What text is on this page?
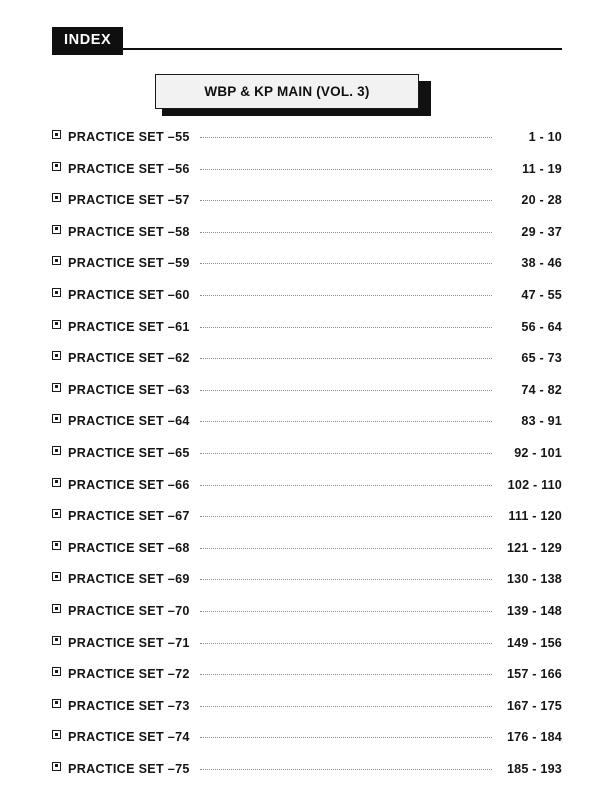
INDEX
WBP & KP MAIN (VOL. 3)
PRACTICE SET –55	1 - 10
PRACTICE SET –56	11 - 19
PRACTICE SET –57	20 - 28
PRACTICE SET –58	29 - 37
PRACTICE SET –59	38 - 46
PRACTICE SET –60	47 - 55
PRACTICE SET –61	56 - 64
PRACTICE SET –62	65 - 73
PRACTICE SET –63	74 - 82
PRACTICE SET –64	83 - 91
PRACTICE SET –65	92 - 101
PRACTICE SET –66	102 - 110
PRACTICE SET –67	111 - 120
PRACTICE SET –68	121 - 129
PRACTICE SET –69	130 - 138
PRACTICE SET –70	139 - 148
PRACTICE SET –71	149 - 156
PRACTICE SET –72	157 - 166
PRACTICE SET –73	167 - 175
PRACTICE SET –74	176 - 184
PRACTICE SET –75	185 - 193
